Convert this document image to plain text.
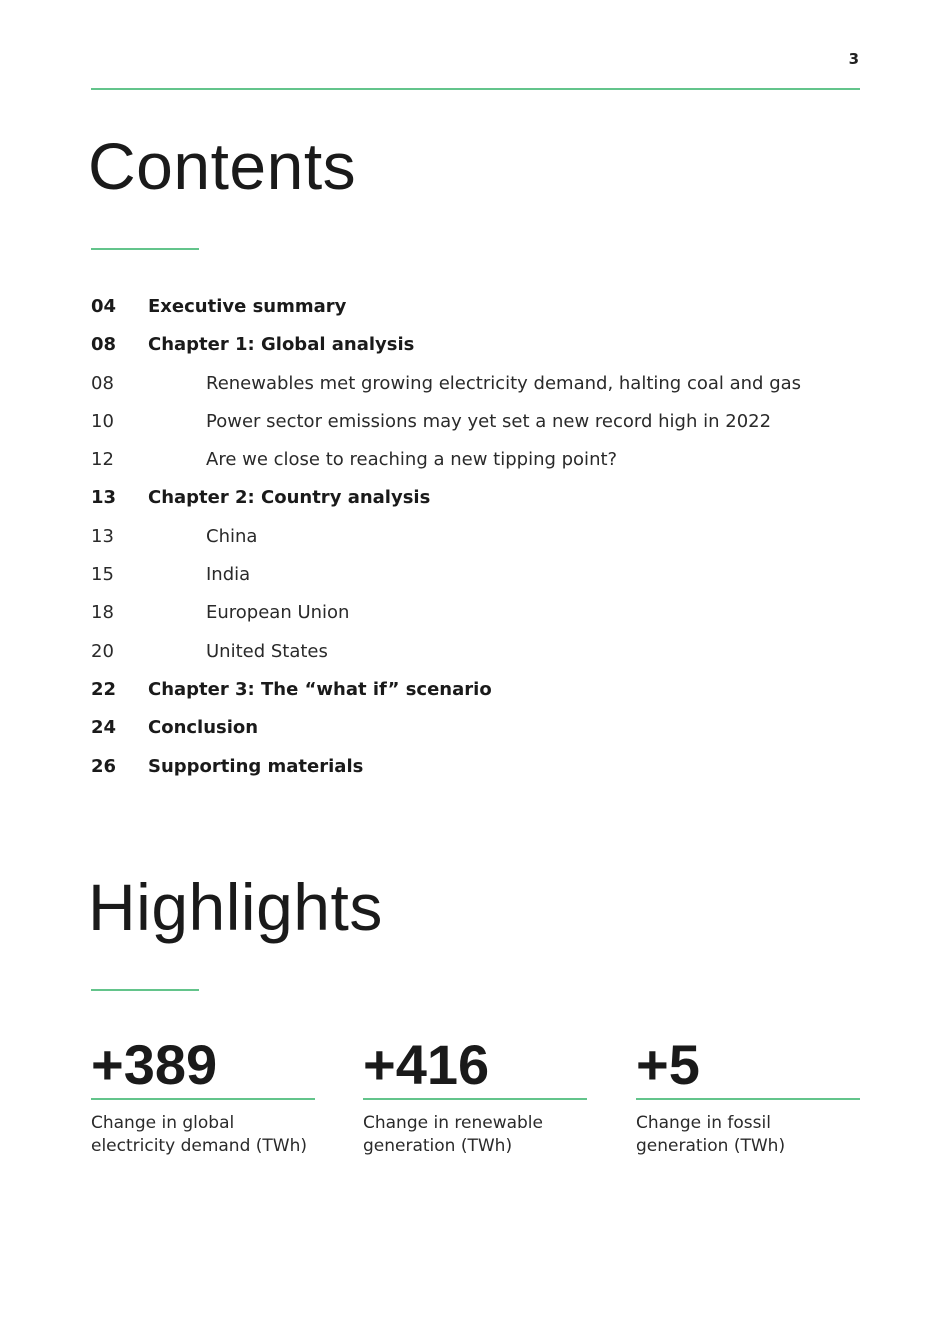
3
Contents
04 Executive summary
08 Chapter 1: Global analysis
08	Renewables met growing electricity demand, halting coal and gas
10	Power sector emissions may yet set a new record high in 2022
12	Are we close to reaching a new tipping point?
13 Chapter 2: Country analysis
13	China
15	India
18	European Union
20	United States
22 Chapter 3: The “what if” scenario
24 Conclusion
26 Supporting materials
Highlights
+389
Change in global
electricity demand (TWh)
+416
Change in renewable
generation (TWh)
+5
Change in fossil
generation (TWh)
